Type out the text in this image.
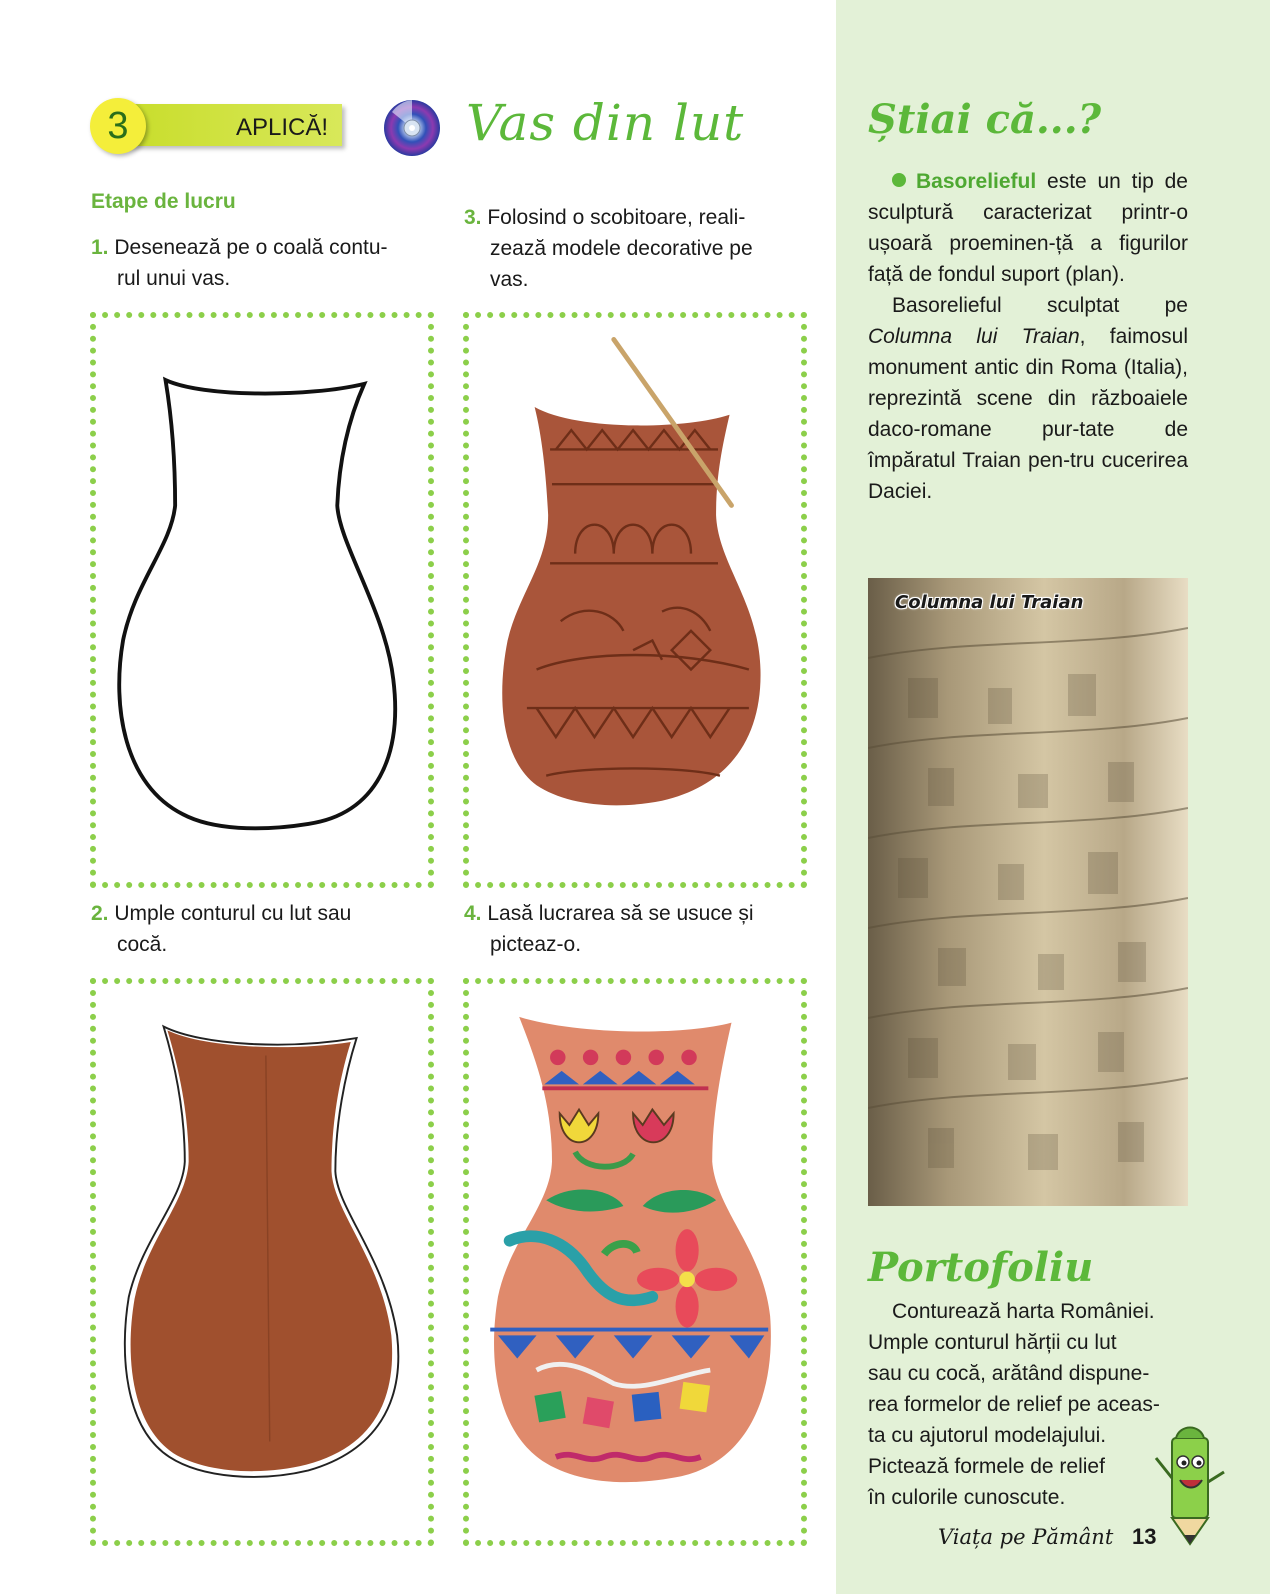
APLICĂ!
3	Vas din lut
Etape de lucru
1. Desenează pe o coală contu-
rul unui vas.
3. Folosind o scobitoare, reali-
zează modele decorative pe
vas.
2. Umple conturul cu lut sau
cocă.
4. Lasă lucrarea să se usuce și
picteaz-o.
Știai că...?

Basorelieful este un tip de sculptură caracterizat printr-o ușoară proeminen-ță a figurilor față de fondul suport (plan).

Basorelieful sculptat pe Columna lui Traian, faimosul monument antic din Roma (Italia), reprezintă scene din războaiele daco-romane pur-tate de împăratul Traian pen-tru cucerirea Daciei.

Columna lui Traian
Portofoliu
Conturează harta României.
Umple conturul hărții cu lut
sau cu cocă, arătând dispune-
rea formelor de relief pe aceas-
ta cu ajutorul modelajului.
Pictează formele de relief
în culorile cunoscute.
Viața pe Pământ 13
